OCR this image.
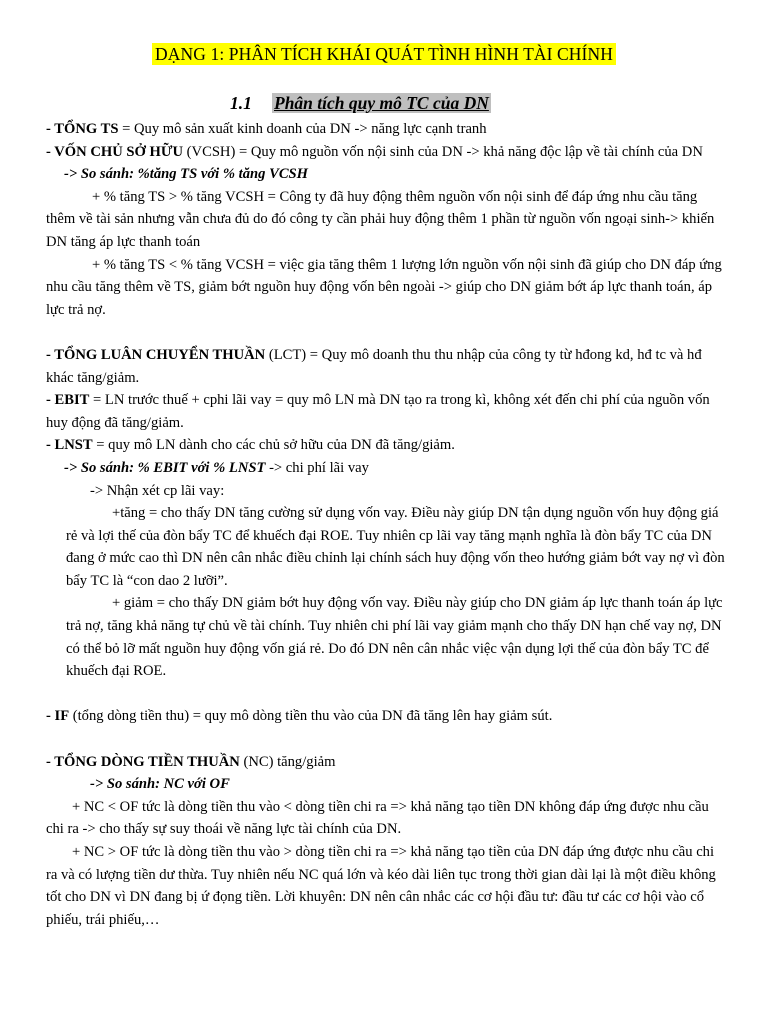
DẠNG 1: PHÂN TÍCH KHÁI QUÁT TÌNH HÌNH TÀI CHÍNH
1.1 Phân tích quy mô TC của DN

- TỔNG TS = Quy mô sản xuất kinh doanh của DN -> năng lực cạnh tranh

- VỐN CHỦ SỞ HỮU (VCSH) = Quy mô nguồn vốn nội sinh của DN -> khả năng độc lập về tài chính của DN

-> So sánh: %tăng TS với % tăng VCSH

+ % tăng TS > % tăng VCSH = Công ty đã huy động thêm nguồn vốn nội sinh để đáp ứng nhu cầu tăng thêm về tài sản nhưng vẫn chưa đủ do đó công ty cần phải huy động thêm 1 phần từ nguồn vốn ngoại sinh-> khiến DN tăng áp lực thanh toán

+ % tăng TS < % tăng VCSH = việc gia tăng thêm 1 lượng lớn nguồn vốn nội sinh đã giúp cho DN đáp ứng nhu cầu tăng thêm về TS, giảm bớt nguồn huy động vốn bên ngoài -> giúp cho DN giảm bớt áp lực thanh toán, áp lực trả nợ.

- TỔNG LUÂN CHUYỂN THUẦN (LCT) = Quy mô doanh thu thu nhập của công ty từ hđong kd, hđ tc và hđ khác tăng/giảm.

- EBIT = LN trước thuế + cphi lãi vay = quy mô LN mà DN tạo ra trong kì, không xét đến chi phí của nguồn vốn huy động đã tăng/giảm.

- LNST = quy mô LN dành cho các chủ sở hữu của DN đã tăng/giảm.

-> So sánh: % EBIT với % LNST -> chi phí lãi vay

-> Nhận xét cp lãi vay:

+tăng = cho thấy DN tăng cường sử dụng vốn vay. Điều này giúp DN tận dụng nguồn vốn huy động giá rẻ và lợi thế của đòn bẩy TC để khuếch đại ROE. Tuy nhiên cp lãi vay tăng mạnh nghĩa là đòn bẩy TC của DN đang ở mức cao thì DN nên cân nhắc điều chỉnh lại chính sách huy động vốn theo hướng giảm bớt vay nợ vì đòn bẩy TC là “con dao 2 lưỡi”.

+ giảm = cho thấy DN giảm bớt huy động vốn vay. Điều này giúp cho DN giảm áp lực thanh toán áp lực trả nợ, tăng khả năng tự chủ về tài chính. Tuy nhiên chi phí lãi vay giảm mạnh cho thấy DN hạn chế vay nợ, DN có thể bỏ lỡ mất nguồn huy động vốn giá rẻ. Do đó DN nên cân nhắc việc vận dụng lợi thế của đòn bẩy TC để khuếch đại ROE.

- IF (tổng dòng tiền thu) = quy mô dòng tiền thu vào của DN đã tăng lên hay giảm sút.

- TỔNG DÒNG TIỀN THUẦN (NC) tăng/giảm

-> So sánh: NC với OF

+ NC < OF tức là dòng tiền thu vào < dòng tiền chi ra => khả năng tạo tiền DN không đáp ứng được nhu cầu chi ra -> cho thấy sự suy thoái về năng lực tài chính của DN.

+ NC > OF tức là dòng tiền thu vào > dòng tiền chi ra => khả năng tạo tiền của DN đáp ứng được nhu cầu chi ra và có lượng tiền dư thừa. Tuy nhiên nếu NC quá lớn và kéo dài liên tục trong thời gian dài lại là một điều không tốt cho DN vì DN đang bị ứ đọng tiền. Lời khuyên: DN nên cân nhắc các cơ hội đầu tư: đầu tư các cơ hội vào cổ phiếu, trái phiếu,…
